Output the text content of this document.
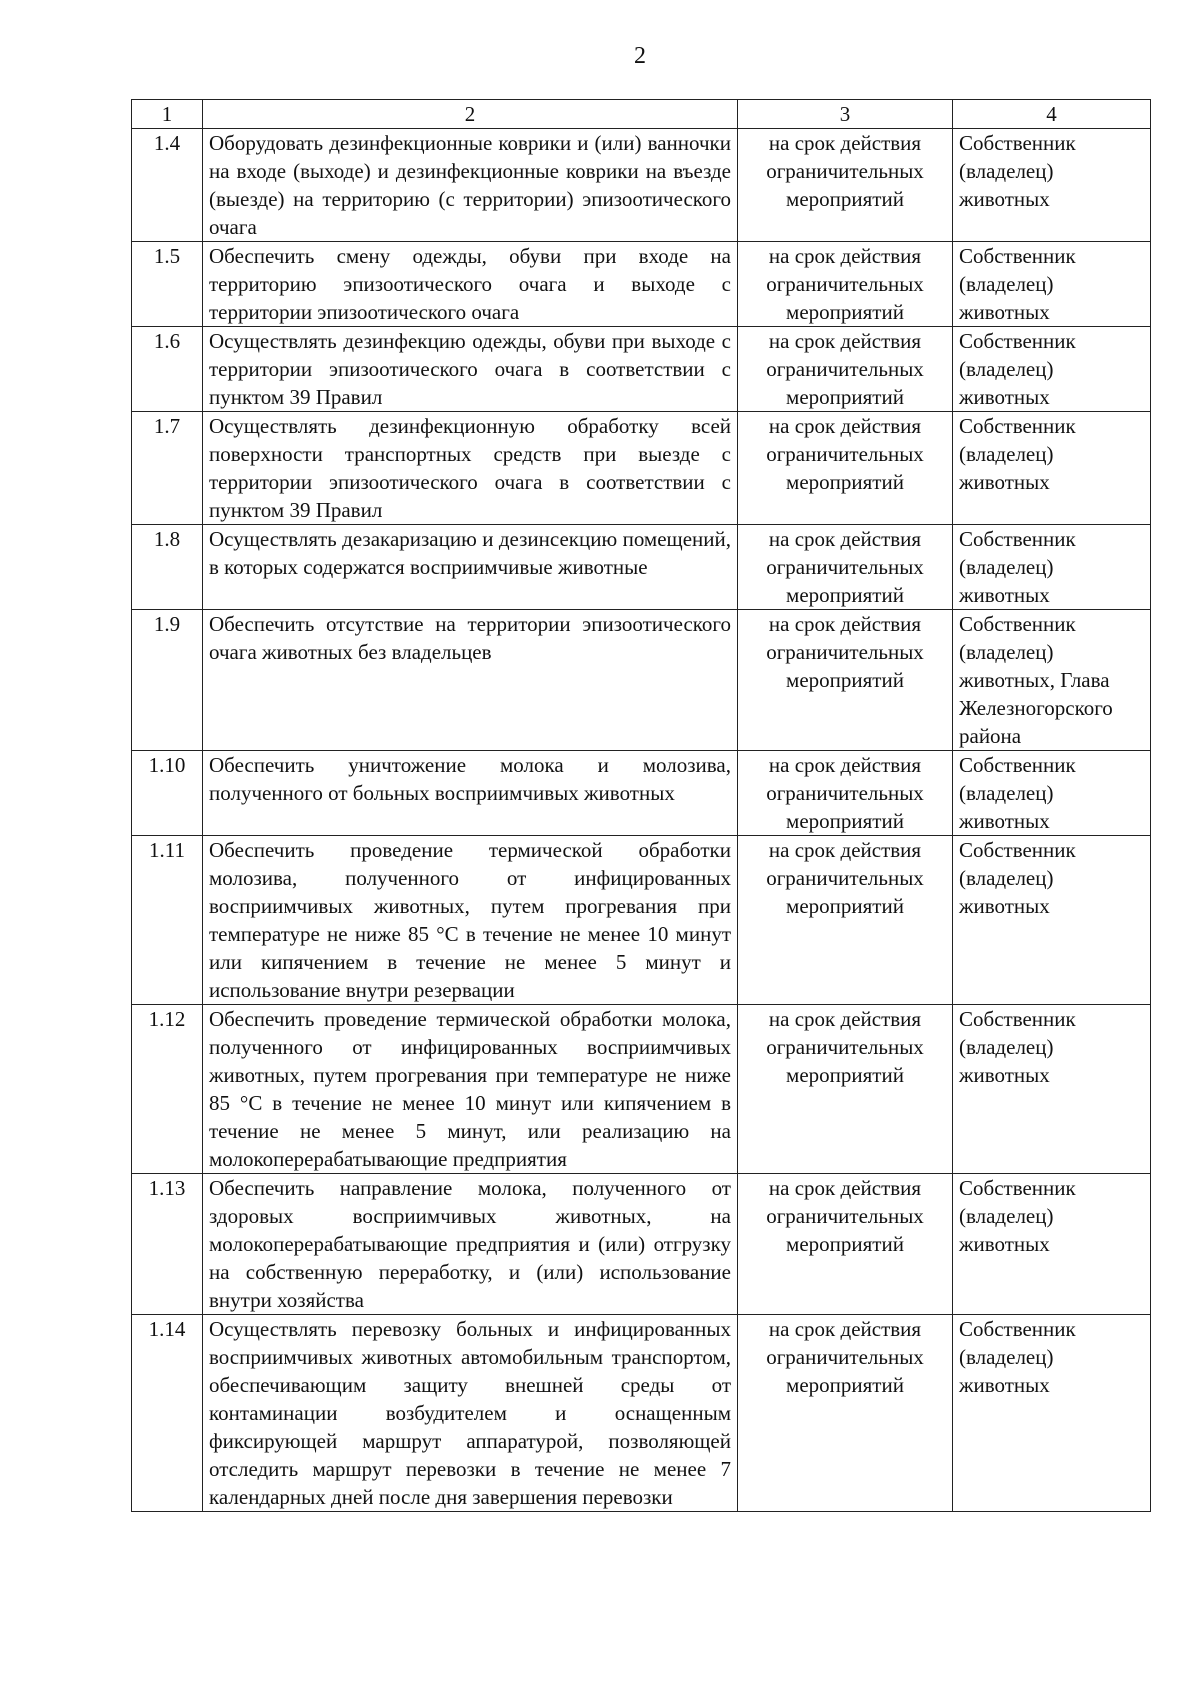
2
1	2	3	4
1.4	Оборудовать дезинфекционные коврики и (или) ванночки на входе (выходе) и дезинфекционные коврики на въезде (выезде) на территорию (с территории) эпизоотического очага	на срок действия ограничительных мероприятий	Собственник (владелец) животных
1.5	Обеспечить смену одежды, обуви при входе на территорию эпизоотического очага и выходе с территории эпизоотического очага	на срок действия ограничительных мероприятий	Собственник (владелец) животных
1.6	Осуществлять дезинфекцию одежды, обуви при выходе с территории эпизоотического очага в соответствии с пунктом 39 Правил	на срок действия ограничительных мероприятий	Собственник (владелец) животных
1.7	Осуществлять дезинфекционную обработку всей поверхности транспортных средств при выезде с территории эпизоотического очага в соответствии с пунктом 39 Правил	на срок действия ограничительных мероприятий	Собственник (владелец) животных
1.8	Осуществлять дезакаризацию и дезинсекцию помещений, в которых содержатся восприимчивые животные	на срок действия ограничительных мероприятий	Собственник (владелец) животных
1.9	Обеспечить отсутствие на территории эпизоотического очага животных без владельцев	на срок действия ограничительных мероприятий	Собственник (владелец) животных, Глава Железногорского района
1.10	Обеспечить уничтожение молока и молозива, полученного от больных восприимчивых животных	на срок действия ограничительных мероприятий	Собственник (владелец) животных
1.11	Обеспечить проведение термической обработки молозива, полученного от инфицированных восприимчивых животных, путем прогревания при температуре не ниже 85 °С в течение не менее 10 минут или кипячением в течение не менее 5 минут и использование внутри резервации	на срок действия ограничительных мероприятий	Собственник (владелец) животных
1.12	Обеспечить проведение термической обработки молока, полученного от инфицированных восприимчивых животных, путем прогревания при температуре не ниже 85 °С в течение не менее 10 минут или кипячением в течение не менее 5 минут, или реализацию на молокоперерабатывающие предприятия	на срок действия ограничительных мероприятий	Собственник (владелец) животных
1.13	Обеспечить направление молока, полученного от здоровых восприимчивых животных, на молокоперерабатывающие предприятия и (или) отгрузку на собственную переработку, и (или) использование внутри хозяйства	на срок действия ограничительных мероприятий	Собственник (владелец) животных
1.14	Осуществлять перевозку больных и инфицированных восприимчивых животных автомобильным транспортом, обеспечивающим защиту внешней среды от контаминации возбудителем и оснащенным фиксирующей маршрут аппаратурой, позволяющей отследить маршрут перевозки в течение не менее 7 календарных дней после дня завершения перевозки	на срок действия ограничительных мероприятий	Собственник (владелец) животных
